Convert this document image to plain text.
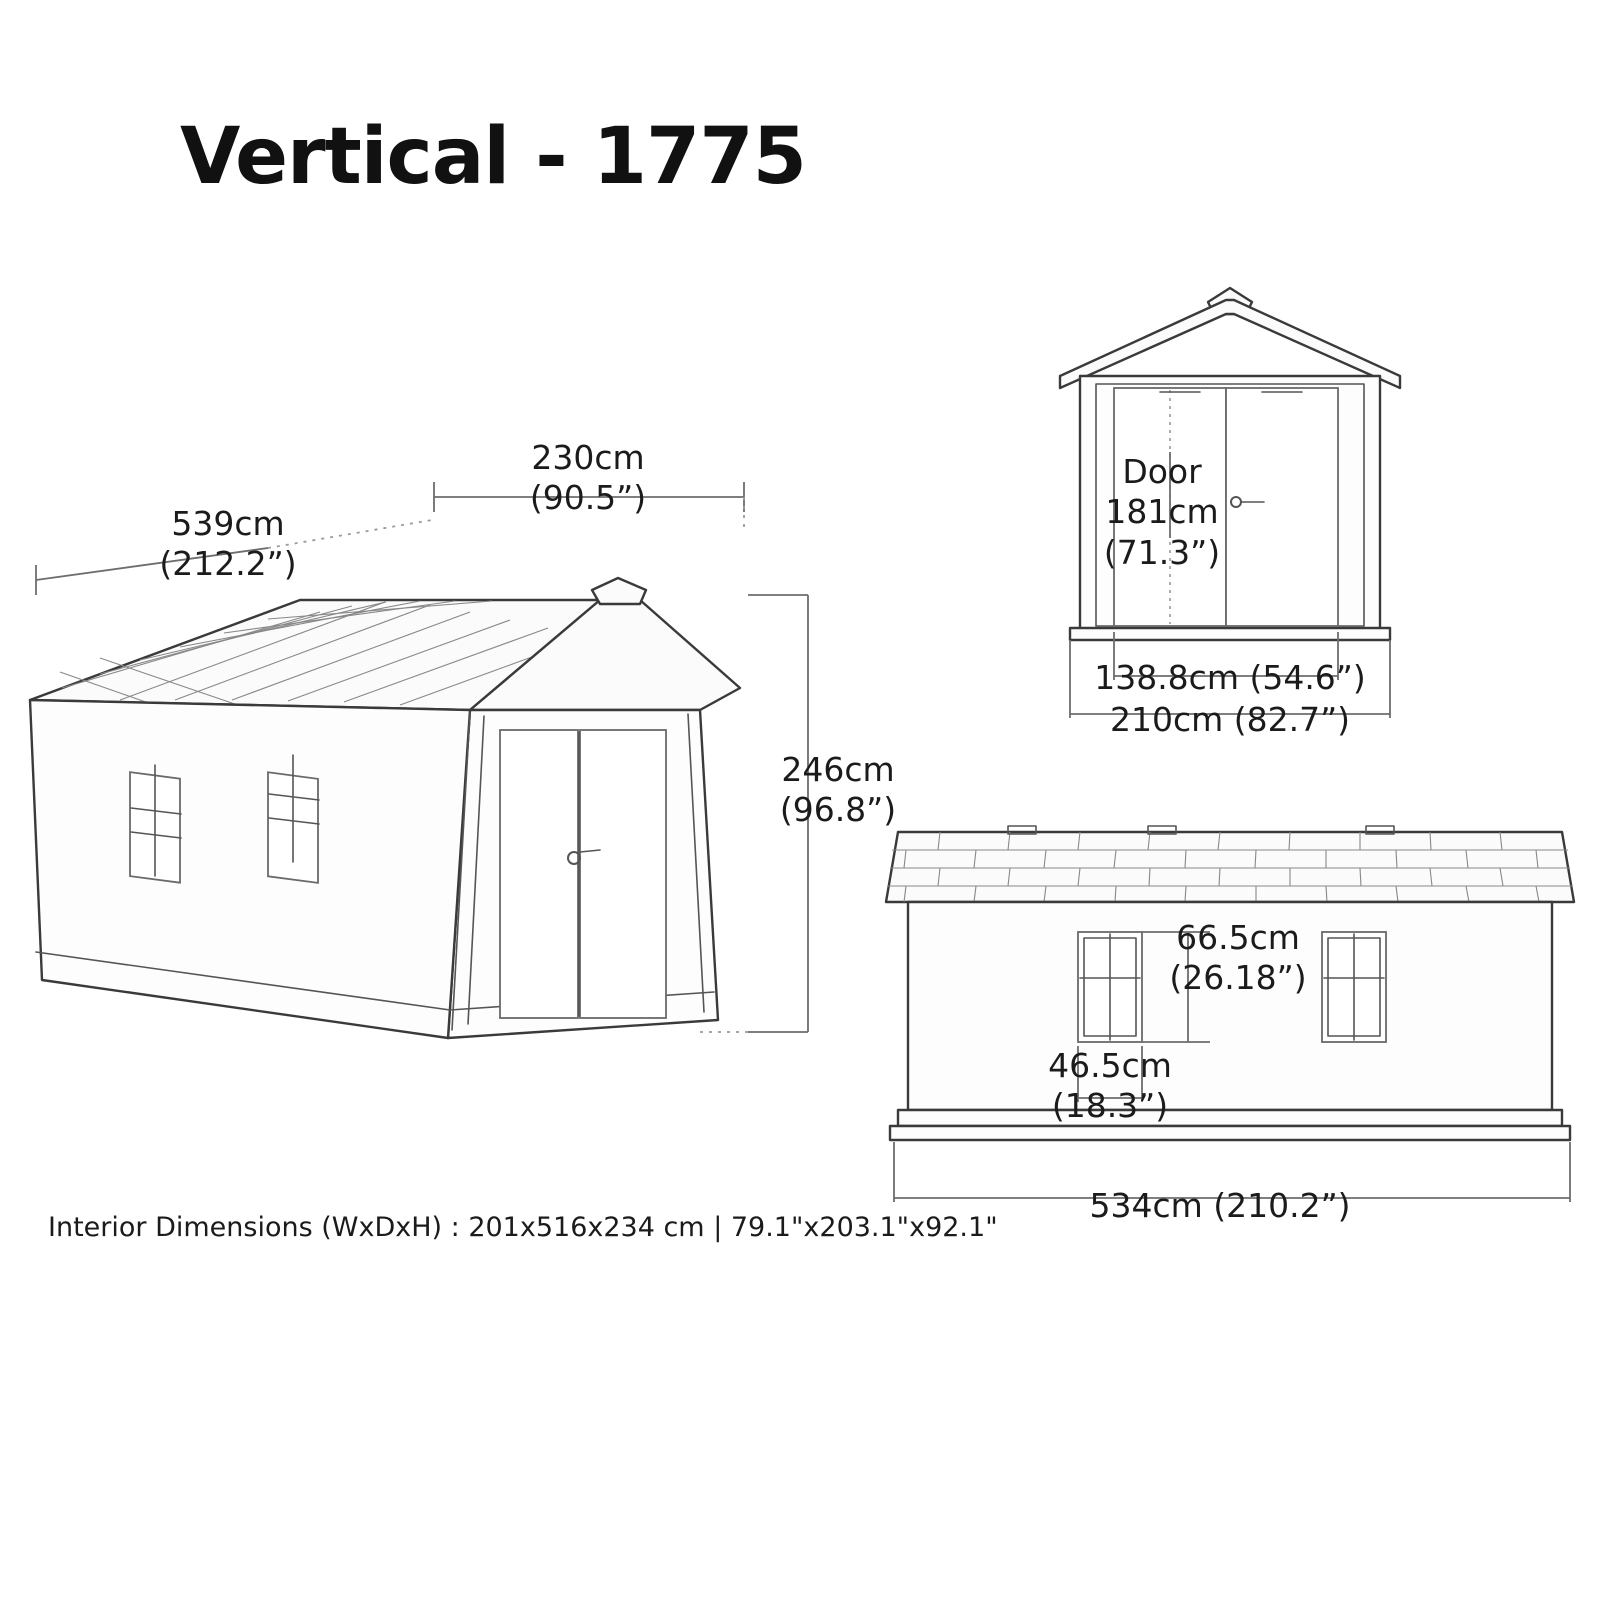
Vertical - 1775
539cm
(212.2”)
230cm
(90.5”)
246cm
(96.8”)
Interior Dimensions (WxDxH) : 201x516x234 cm | 79.1"x203.1"x92.1"
Door
181cm
(71.3”)
138.8cm (54.6”)
210cm (82.7”)
66.5cm
(26.18”)
46.5cm
(18.3”)
534cm (210.2”)
